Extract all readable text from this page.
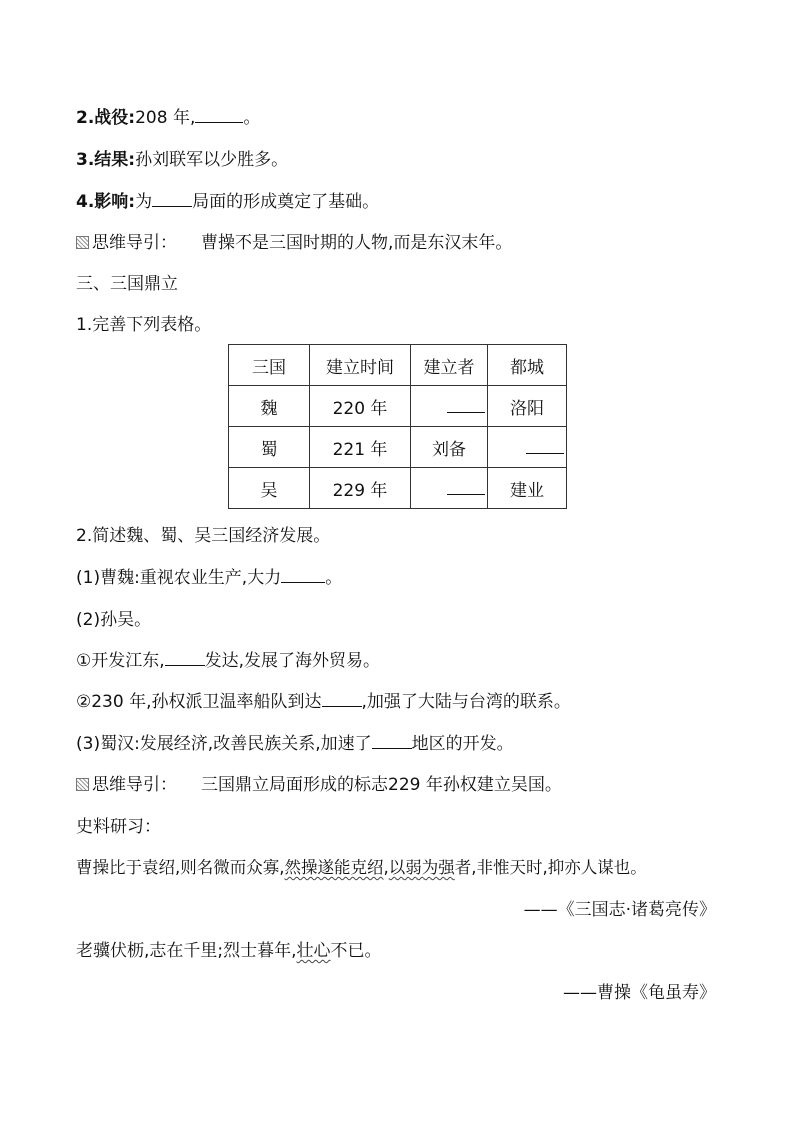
2.战役:208 年,	。
3.结果:孙刘联军以少胜多。
4.影响:为 局面的形成奠定了基础。
思维导引： 曹操不是三国时期的人物,而是东汉末年。
三、三国鼎立
1.完善下列表格。
三国	建立时间	建立者	都城
魏	220 年		洛阳
蜀	221 年	刘备	
吴	229 年		建业
2.简述魏、蜀、吴三国经济发展。
(1)曹魏:重视农业生产,大力	。
(2)孙吴。
①开发江东, 发达,发展了海外贸易。
②230 年,孙权派卫温率船队到达 ,加强了大陆与台湾的联系。
(3)蜀汉:发展经济,改善民族关系,加速了 地区的开发。
思维导引： 三国鼎立局面形成的标志229 年孙权建立吴国。
史料研习：
曹操比于袁绍,则名微而众寡,然操遂能克绍,以弱为强者,非惟天时,抑亦人谋也。
——《三国志·诸葛亮传》
老骥伏枥,志在千里;烈士暮年,壮心不已。
——曹操《龟虽寿》
